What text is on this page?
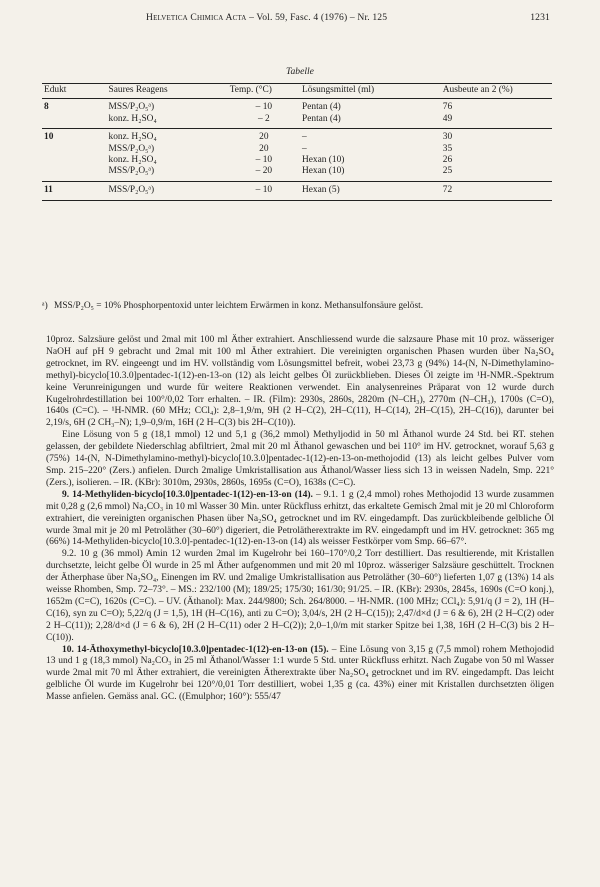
Helvetica Chimica Acta – Vol. 59, Fasc. 4 (1976) – Nr. 125	1231
Tabelle
Edukt	Saures Reagens	Temp. (°C)	Lösungsmittel (ml)	Ausbeute an 2 (%)
8	MSS/P₂O₅ᵃ)	– 10	Pentan (4)	76
	konz. H₂SO₄	– 2	Pentan (4)	49
10	konz. H₂SO₄	20	–	30
	MSS/P₂O₅ᵃ)	20	–	35
	konz. H₂SO₄	– 10	Hexan (10)	26
	MSS/P₂O₅ᵃ)	– 20	Hexan (10)	25
11	MSS/P₂O₅ᵃ)	– 10	Hexan (5)	72
ᵃ) MSS/P₂O₅ = 10% Phosphorpentoxid unter leichtem Erwärmen in konz. Methansulfonsäure gelöst.

10proz. Salzsäure gelöst und 2mal mit 100 ml Äther extrahiert. Anschliessend wurde die salzsaure Phase mit 10 proz. wässeriger NaOH auf pH 9 gebracht und 2mal mit 100 ml Äther extrahiert. Die vereinigten organischen Phasen wurden über Na₂SO₄ getrocknet, im RV. eingeengt und im HV. vollständig vom Lösungsmittel befreit, wobei 23,73 g (94%) 14-(N, N-Dimethylamino-methyl)-bicyclo[10.3.0]pentadec-1(12)-en-13-on (12) als leicht gelbes Öl zurückblieben. Dieses Öl zeigte im ¹H-NMR.-Spektrum keine Verunreinigungen und wurde für weitere Reaktionen verwendet. Ein analysenreines Präparat von 12 wurde durch Kugelrohrdestillation bei 100°/0,02 Torr erhalten. – IR. (Film): 2930s, 2860s, 2820m (N–CH₃), 2770m (N–CH₃), 1700s (C=O), 1640s (C=C). – ¹H-NMR. (60 MHz; CCl₄): 2,8–1,9/m, 9H (2 H–C(2), 2H–C(11), H–C(14), 2H–C(15), 2H–C(16)), darunter bei 2,19/s, 6H (2 CH₃–N); 1,9–0,9/m, 16H (2 H–C(3) bis 2H–C(10)).

Eine Lösung von 5 g (18,1 mmol) 12 und 5,1 g (36,2 mmol) Methyljodid in 50 ml Äthanol wurde 24 Std. bei RT. stehen gelassen, der gebildete Niederschlag abfiltriert, 2mal mit 20 ml Äthanol gewaschen und bei 110° im HV. getrocknet, worauf 5,63 g (75%) 14-(N, N-Dimethylamino-methyl)-bicyclo[10.3.0]pentadec-1(12)-en-13-on-methojodid (13) als leicht gelbes Pulver vom Smp. 215–220° (Zers.) anfielen. Durch 2malige Umkristallisation aus Äthanol/Wasser liess sich 13 in weissen Nadeln, Smp. 221° (Zers.), isolieren. – IR. (KBr): 3010m, 2930s, 2860s, 1695s (C=O), 1638s (C=C).

9. 14-Methyliden-bicyclo[10.3.0]pentadec-1(12)-en-13-on (14). – 9.1. 1 g (2,4 mmol) rohes Methojodid 13 wurde zusammen mit 0,28 g (2,6 mmol) Na₂CO₃ in 10 ml Wasser 30 Min. unter Rückfluss erhitzt, das erkaltete Gemisch 2mal mit je 20 ml Chloroform extrahiert, die vereinigten organischen Phasen über Na₂SO₄ getrocknet und im RV. eingedampft. Das zurückbleibende gelbliche Öl wurde 3mal mit je 20 ml Petroläther (30–60°) digeriert, die Petrolätherextrakte im RV. eingedampft und im HV. getrocknet: 365 mg (66%) 14-Methyliden-bicyclo[10.3.0]-pentadec-1(12)-en-13-on (14) als weisser Festkörper vom Smp. 66–67°.

9.2. 10 g (36 mmol) Amin 12 wurden 2mal im Kugelrohr bei 160–170°/0,2 Torr destilliert. Das resultierende, mit Kristallen durchsetzte, leicht gelbe Öl wurde in 25 ml Äther aufgenommen und mit 20 ml 10proz. wässeriger Salzsäure geschüttelt. Trocknen der Ätherphase über Na₂SO₄, Einengen im RV. und 2malige Umkristallisation aus Petroläther (30–60°) lieferten 1,07 g (13%) 14 als weisse Rhomben, Smp. 72–73°. – MS.: 232/100 (M); 189/25; 175/30; 161/30; 91/25. – IR. (KBr): 2930s, 2845s, 1690s (C=O konj.), 1652m (C=C), 1620s (C=C). – UV. (Äthanol): Max. 244/9800; Sch. 264/8000. – ¹H-NMR. (100 MHz; CCl₄): 5,91/q (J = 2), 1H (H–C(16), syn zu C=O); 5,22/q (J = 1,5), 1H (H–C(16), anti zu C=O); 3,04/s, 2H (2 H–C(15)); 2,47/d×d (J = 6 & 6), 2H (2 H–C(2) oder 2 H–C(11)); 2,28/d×d (J = 6 & 6), 2H (2 H–C(11) oder 2 H–C(2)); 2,0–1,0/m mit starker Spitze bei 1,38, 16H (2 H–C(3) bis 2 H–C(10)).

10. 14-Äthoxymethyl-bicyclo[10.3.0]pentadec-1(12)-en-13-on (15). – Eine Lösung von 3,15 g (7,5 mmol) rohem Methojodid 13 und 1 g (18,3 mmol) Na₂CO₃ in 25 ml Äthanol/Wasser 1:1 wurde 5 Std. unter Rückfluss erhitzt. Nach Zugabe von 50 ml Wasser wurde 2mal mit 70 ml Äther extrahiert, die vereinigten Ätherextrakte über Na₂SO₄ getrocknet und im RV. eingedampft. Das leicht gelbliche Öl wurde im Kugelrohr bei 120°/0,01 Torr destilliert, wobei 1,35 g (ca. 43%) einer mit Kristallen durchsetzten öligen Masse anfielen. Gemäss anal. GC. ((Emulphor; 160°): 555/47
